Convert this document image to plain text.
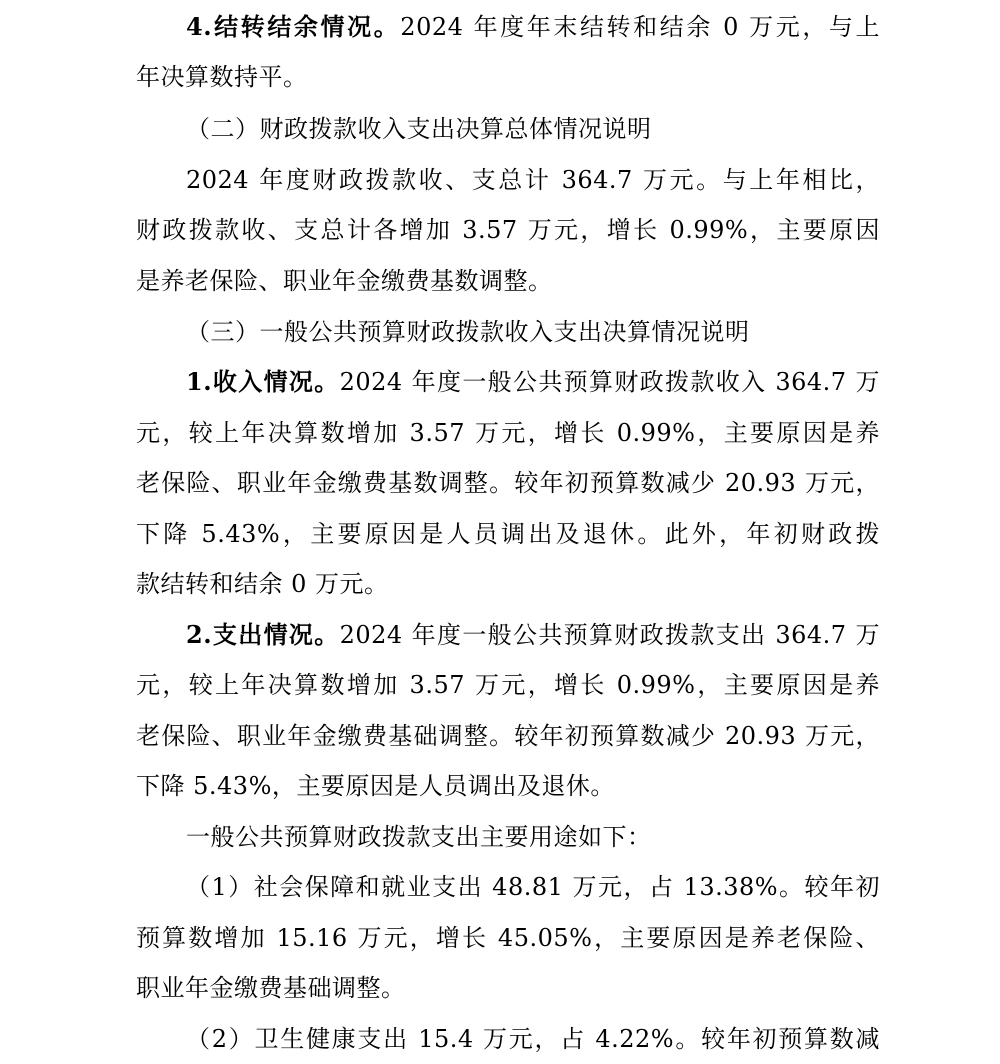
4.结转结余情况。2024 年度年末结转和结余 0 万元，与上
年决算数持平。
（二）财政拨款收入支出决算总体情况说明
2024 年度财政拨款收、支总计 364.7 万元。与上年相比，
财政拨款收、支总计各增加 3.57 万元，增长 0.99%，主要原因
是养老保险、职业年金缴费基数调整。
（三）一般公共预算财政拨款收入支出决算情况说明
1.收入情况。2024 年度一般公共预算财政拨款收入 364.7 万
元，较上年决算数增加 3.57 万元，增长 0.99%，主要原因是养
老保险、职业年金缴费基数调整。较年初预算数减少 20.93 万元，
下降 5.43%，主要原因是人员调出及退休。此外，年初财政拨
款结转和结余 0 万元。
2.支出情况。2024 年度一般公共预算财政拨款支出 364.7 万
元，较上年决算数增加 3.57 万元，增长 0.99%，主要原因是养
老保险、职业年金缴费基础调整。较年初预算数减少 20.93 万元，
下降 5.43%，主要原因是人员调出及退休。
一般公共预算财政拨款支出主要用途如下：
（1）社会保障和就业支出 48.81 万元，占 13.38%。较年初
预算数增加 15.16 万元，增长 45.05%，主要原因是养老保险、
职业年金缴费基础调整。
（2）卫生健康支出 15.4 万元，占 4.22%。较年初预算数减
